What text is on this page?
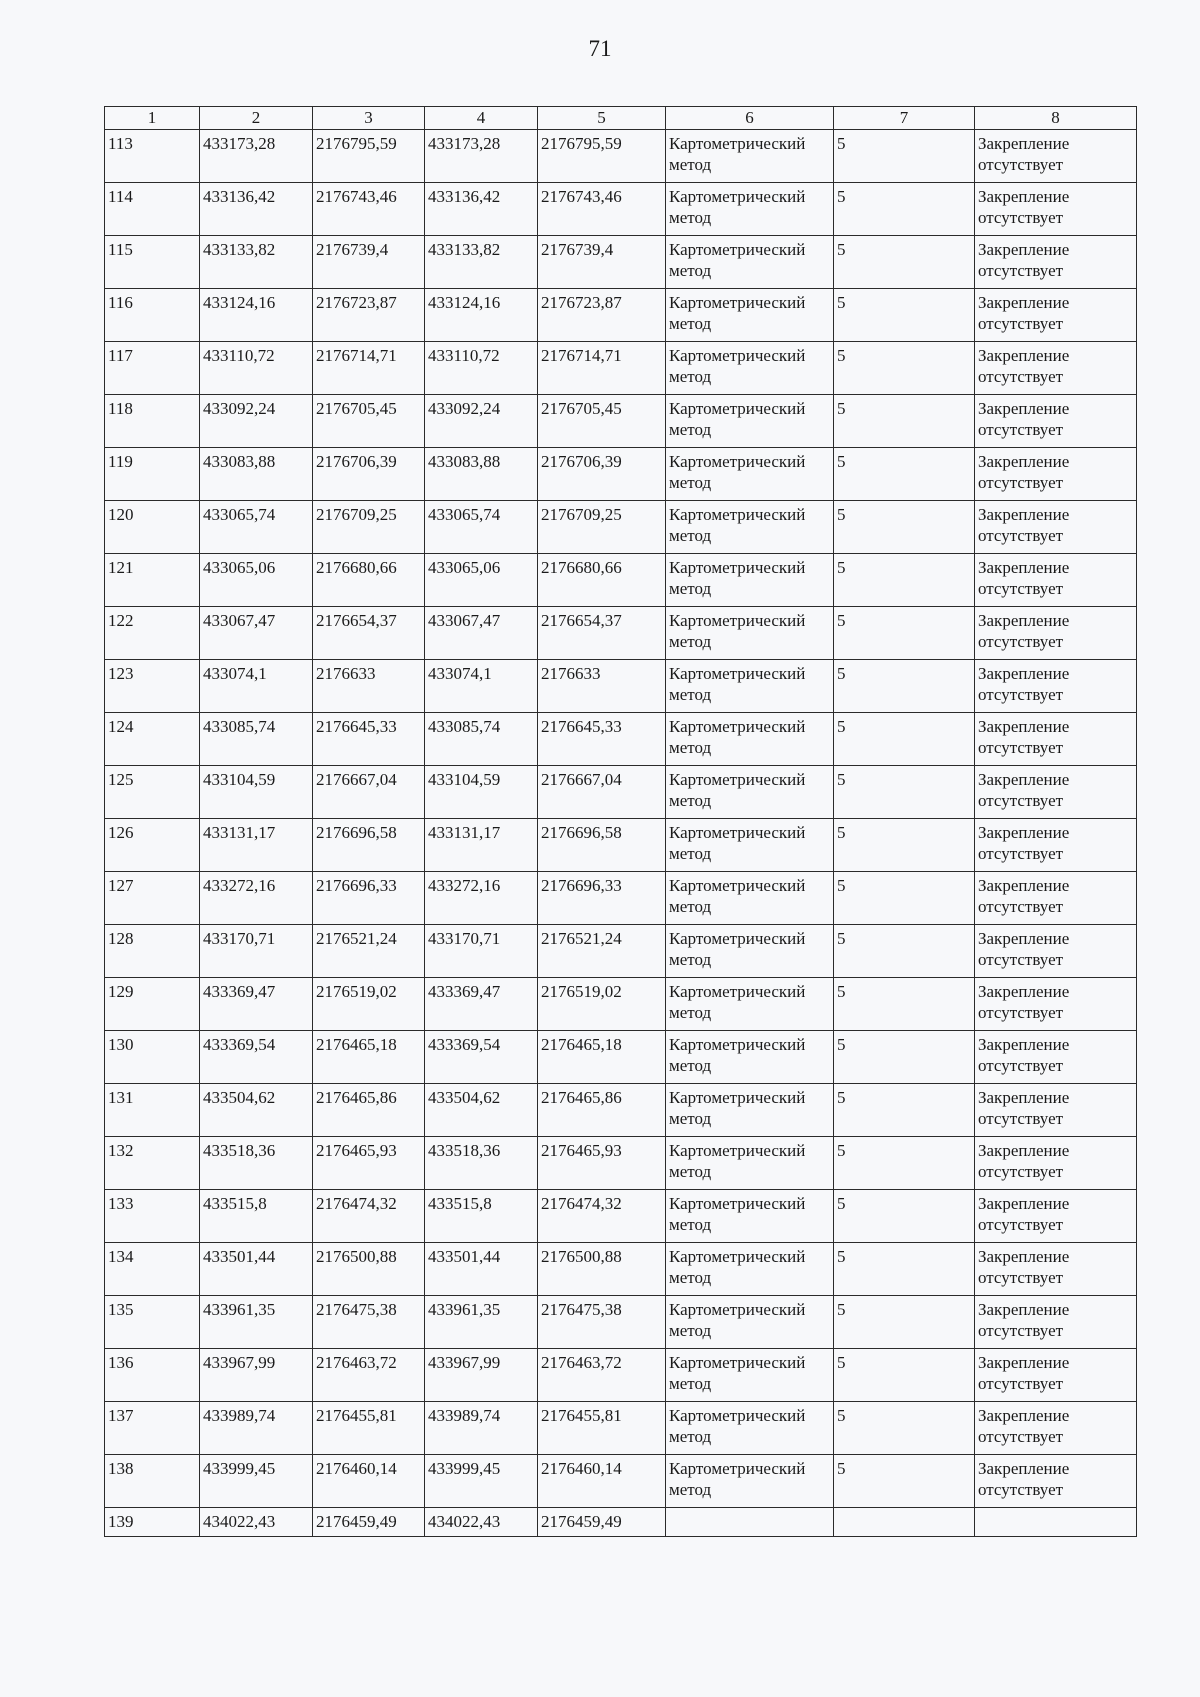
71
1	2	3	4	5	6	7	8
113	433173,28	2176795,59	433173,28	2176795,59	Картометрический метод	5	Закрепление отсутствует
114	433136,42	2176743,46	433136,42	2176743,46	Картометрический метод	5	Закрепление отсутствует
115	433133,82	2176739,4	433133,82	2176739,4	Картометрический метод	5	Закрепление отсутствует
116	433124,16	2176723,87	433124,16	2176723,87	Картометрический метод	5	Закрепление отсутствует
117	433110,72	2176714,71	433110,72	2176714,71	Картометрический метод	5	Закрепление отсутствует
118	433092,24	2176705,45	433092,24	2176705,45	Картометрический метод	5	Закрепление отсутствует
119	433083,88	2176706,39	433083,88	2176706,39	Картометрический метод	5	Закрепление отсутствует
120	433065,74	2176709,25	433065,74	2176709,25	Картометрический метод	5	Закрепление отсутствует
121	433065,06	2176680,66	433065,06	2176680,66	Картометрический метод	5	Закрепление отсутствует
122	433067,47	2176654,37	433067,47	2176654,37	Картометрический метод	5	Закрепление отсутствует
123	433074,1	2176633	433074,1	2176633	Картометрический метод	5	Закрепление отсутствует
124	433085,74	2176645,33	433085,74	2176645,33	Картометрический метод	5	Закрепление отсутствует
125	433104,59	2176667,04	433104,59	2176667,04	Картометрический метод	5	Закрепление отсутствует
126	433131,17	2176696,58	433131,17	2176696,58	Картометрический метод	5	Закрепление отсутствует
127	433272,16	2176696,33	433272,16	2176696,33	Картометрический метод	5	Закрепление отсутствует
128	433170,71	2176521,24	433170,71	2176521,24	Картометрический метод	5	Закрепление отсутствует
129	433369,47	2176519,02	433369,47	2176519,02	Картометрический метод	5	Закрепление отсутствует
130	433369,54	2176465,18	433369,54	2176465,18	Картометрический метод	5	Закрепление отсутствует
131	433504,62	2176465,86	433504,62	2176465,86	Картометрический метод	5	Закрепление отсутствует
132	433518,36	2176465,93	433518,36	2176465,93	Картометрический метод	5	Закрепление отсутствует
133	433515,8	2176474,32	433515,8	2176474,32	Картометрический метод	5	Закрепление отсутствует
134	433501,44	2176500,88	433501,44	2176500,88	Картометрический метод	5	Закрепление отсутствует
135	433961,35	2176475,38	433961,35	2176475,38	Картометрический метод	5	Закрепление отсутствует
136	433967,99	2176463,72	433967,99	2176463,72	Картометрический метод	5	Закрепление отсутствует
137	433989,74	2176455,81	433989,74	2176455,81	Картометрический метод	5	Закрепление отсутствует
138	433999,45	2176460,14	433999,45	2176460,14	Картометрический метод	5	Закрепление отсутствует
139	434022,43	2176459,49	434022,43	2176459,49			
